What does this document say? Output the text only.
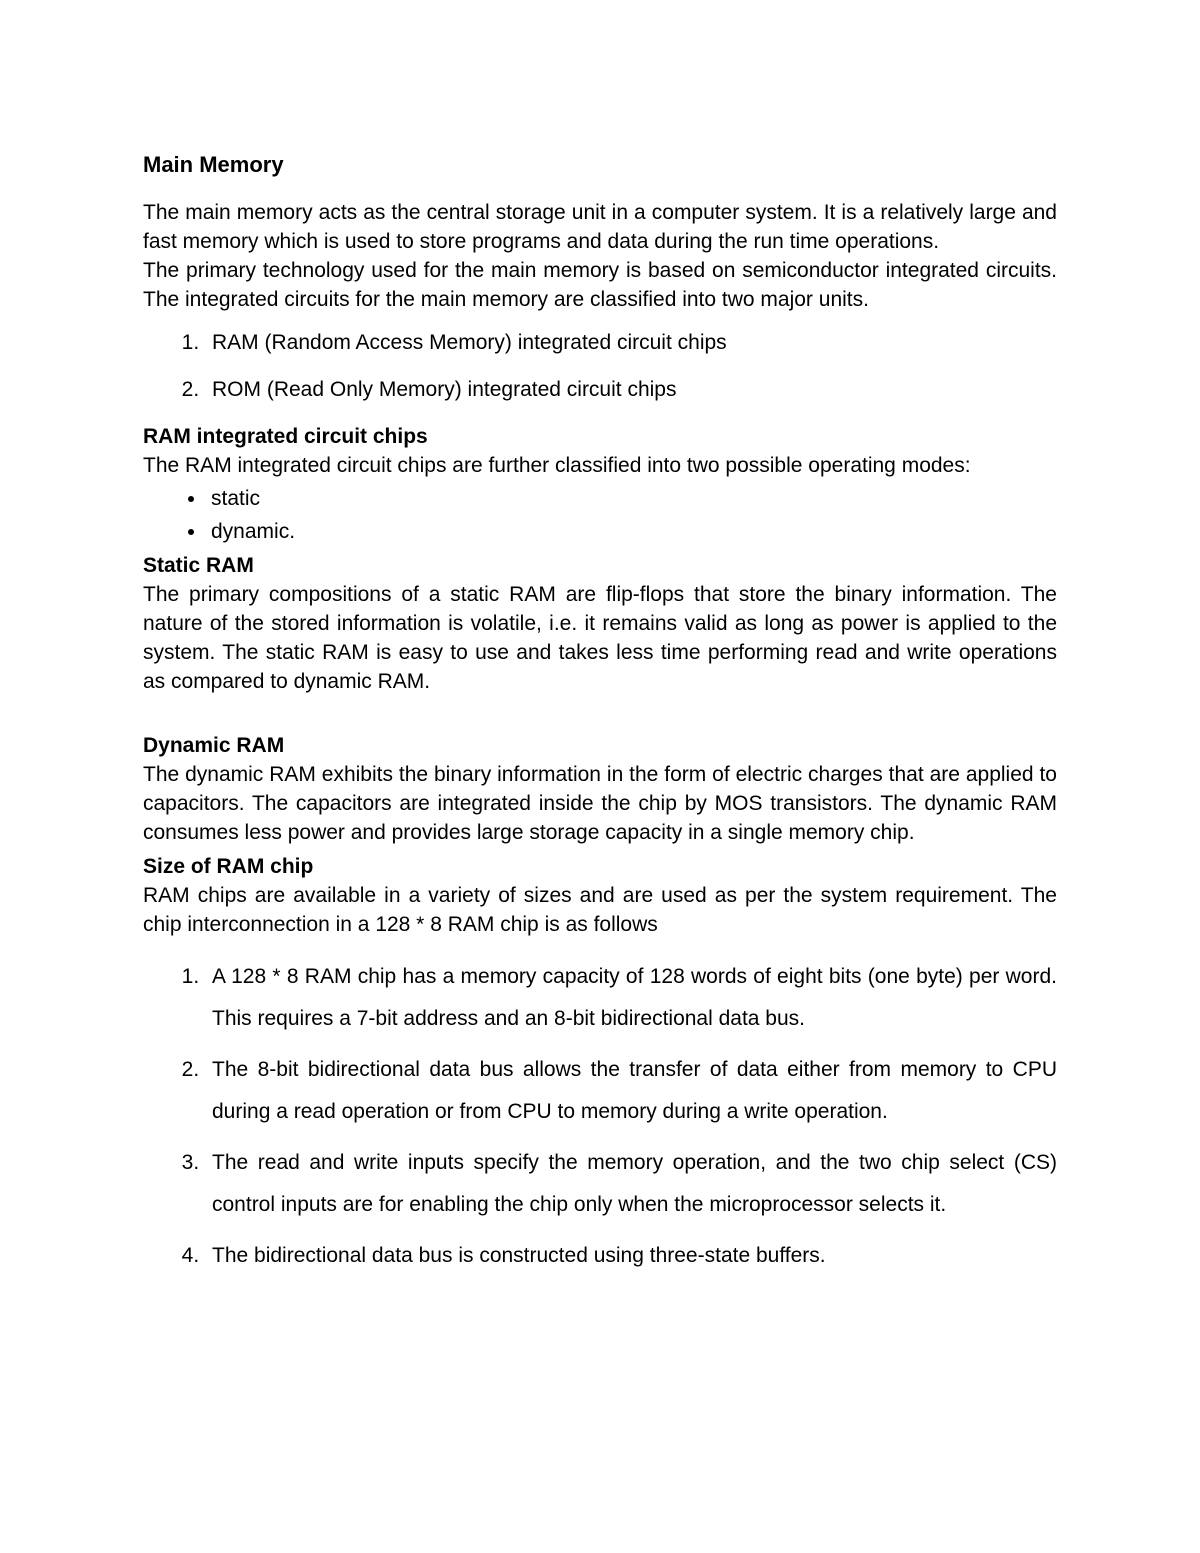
Main Memory

The main memory acts as the central storage unit in a computer system. It is a relatively large and fast memory which is used to store programs and data during the run time operations.

The primary technology used for the main memory is based on semiconductor integrated circuits. The integrated circuits for the main memory are classified into two major units.

1. RAM (Random Access Memory) integrated circuit chips
2. ROM (Read Only Memory) integrated circuit chips
RAM integrated circuit chips

The RAM integrated circuit chips are further classified into two possible operating modes:

• static
• dynamic.
Static RAM

The primary compositions of a static RAM are flip-flops that store the binary information. The nature of the stored information is volatile, i.e. it remains valid as long as power is applied to the system. The static RAM is easy to use and takes less time performing read and write operations as compared to dynamic RAM.

Dynamic RAM

The dynamic RAM exhibits the binary information in the form of electric charges that are applied to capacitors. The capacitors are integrated inside the chip by MOS transistors. The dynamic RAM consumes less power and provides large storage capacity in a single memory chip.

Size of RAM chip

RAM chips are available in a variety of sizes and are used as per the system requirement. The chip interconnection in a 128 * 8 RAM chip is as follows

1. A 128 * 8 RAM chip has a memory capacity of 128 words of eight bits (one byte) per word. This requires a 7-bit address and an 8-bit bidirectional data bus.
2. The 8-bit bidirectional data bus allows the transfer of data either from memory to CPU during a read operation or from CPU to memory during a write operation.
3. The read and write inputs specify the memory operation, and the two chip select (CS) control inputs are for enabling the chip only when the microprocessor selects it.
4. The bidirectional data bus is constructed using three-state buffers.
